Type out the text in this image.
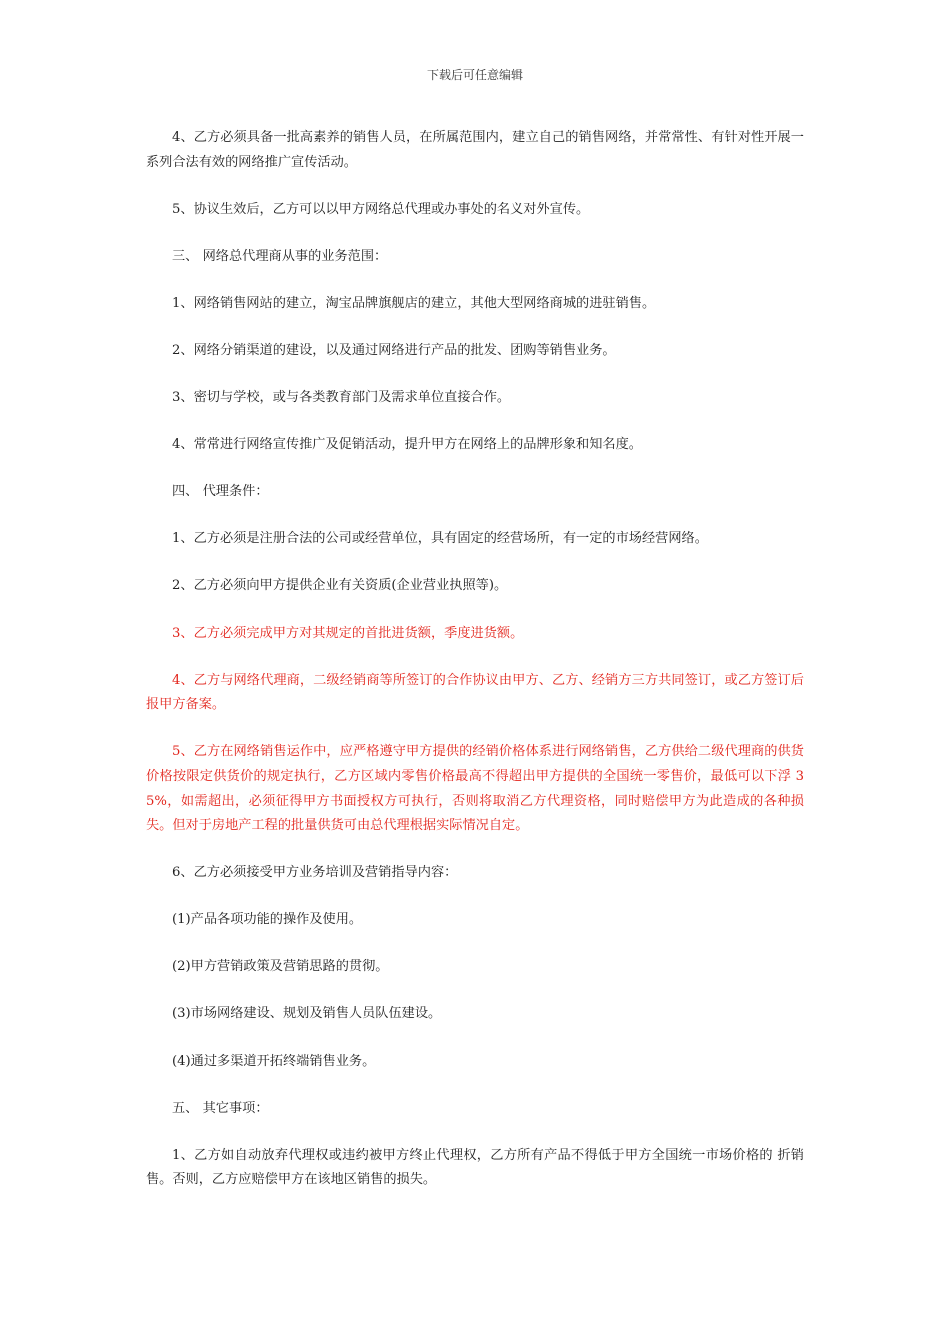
下载后可任意编辑

4、乙方必须具备一批高素养的销售人员，在所属范围内，建立自己的销售网络，并常常性、有针对性开展一系列合法有效的网络推广宣传活动。

5、协议生效后，乙方可以以甲方网络总代理或办事处的名义对外宣传。

三、 网络总代理商从事的业务范围：

1、网络销售网站的建立，淘宝品牌旗舰店的建立，其他大型网络商城的进驻销售。

2、网络分销渠道的建设，以及通过网络进行产品的批发、团购等销售业务。

3、密切与学校，或与各类教育部门及需求单位直接合作。

4、常常进行网络宣传推广及促销活动，提升甲方在网络上的品牌形象和知名度。

四、 代理条件：

1、乙方必须是注册合法的公司或经营单位，具有固定的经营场所，有一定的市场经营网络。

2、乙方必须向甲方提供企业有关资质(企业营业执照等)。

3、乙方必须完成甲方对其规定的首批进货额，季度进货额。

4、乙方与网络代理商，二级经销商等所签订的合作协议由甲方、乙方、经销方三方共同签订，或乙方签订后报甲方备案。

5、乙方在网络销售运作中，应严格遵守甲方提供的经销价格体系进行网络销售，乙方供给二级代理商的供货价格按限定供货价的规定执行，乙方区域内零售价格最高不得超出甲方提供的全国统一零售价，最低可以下浮 35%，如需超出，必须征得甲方书面授权方可执行，否则将取消乙方代理资格，同时赔偿甲方为此造成的各种损失。但对于房地产工程的批量供货可由总代理根据实际情况自定。

6、乙方必须接受甲方业务培训及营销指导内容：

(1)产品各项功能的操作及使用。

(2)甲方营销政策及营销思路的贯彻。

(3)市场网络建设、规划及销售人员队伍建设。

(4)通过多渠道开拓终端销售业务。

五、 其它事项：

1、乙方如自动放弃代理权或违约被甲方终止代理权，乙方所有产品不得低于甲方全国统一市场价格的 折销售。否则，乙方应赔偿甲方在该地区销售的损失。
